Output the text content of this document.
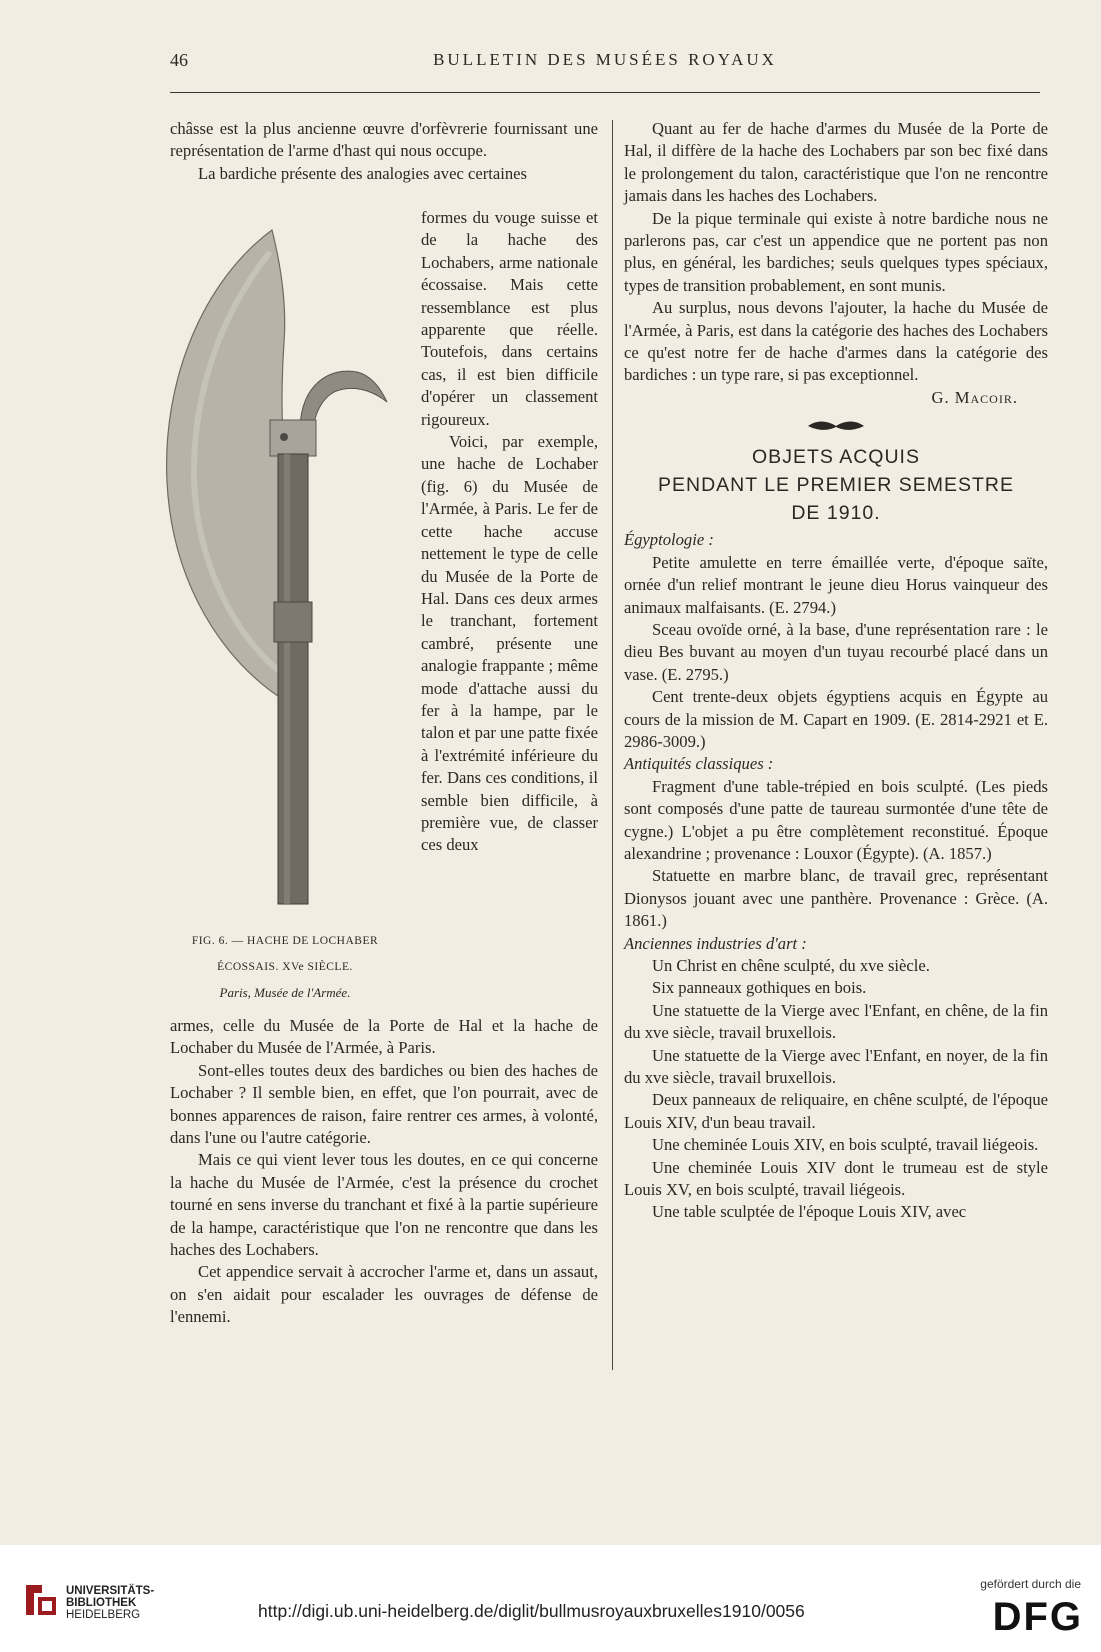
46	BULLETIN DES MUSÉES ROYAUX

châsse est la plus ancienne œuvre d'orfèvrerie fournissant une représentation de l'arme d'hast qui nous occupe.

La bardiche présente des analogies avec certaines

formes du vouge suisse et de la hache des Lochabers, arme nationale écossaise. Mais cette ressemblance est plus apparente que réelle. Toutefois, dans certains cas, il est bien difficile d'opérer un classement rigoureux.

Voici, par exemple, une hache de Lochaber (fig. 6) du Musée de l'Armée, à Paris. Le fer de cette hache accuse nettement le type de celle du Musée de la Porte de Hal. Dans ces deux armes le tranchant, fortement cambré, présente une analogie frappante ; même mode d'attache aussi du fer à la hampe, par le talon et par une patte fixée à l'extrémité inférieure du fer. Dans ces conditions, il semble bien difficile, à première vue, de classer ces deux

FIG. 6. — HACHE DE LOCHABER
ÉCOSSAIS. XVe SIÈCLE.
Paris, Musée de l'Armée.

armes, celle du Musée de la Porte de Hal et la hache de Lochaber du Musée de l'Armée, à Paris.

Sont-elles toutes deux des bardiches ou bien des haches de Lochaber ? Il semble bien, en effet, que l'on pourrait, avec de bonnes apparences de raison, faire rentrer ces armes, à volonté, dans l'une ou l'autre catégorie.

Mais ce qui vient lever tous les doutes, en ce qui concerne la hache du Musée de l'Armée, c'est la présence du crochet tourné en sens inverse du tranchant et fixé à la partie supérieure de la hampe, caractéristique que l'on ne rencontre que dans les haches des Lochabers.

Cet appendice servait à accrocher l'arme et, dans un assaut, on s'en aidait pour escalader les ouvrages de défense de l'ennemi.

Quant au fer de hache d'armes du Musée de la Porte de Hal, il diffère de la hache des Lochabers par son bec fixé dans le prolongement du talon, caractéristique que l'on ne rencontre jamais dans les haches des Lochabers.

De la pique terminale qui existe à notre bardiche nous ne parlerons pas, car c'est un appendice que ne portent pas non plus, en général, les bardiches; seuls quelques types spéciaux, types de transition probablement, en sont munis.

Au surplus, nous devons l'ajouter, la hache du Musée de l'Armée, à Paris, est dans la catégorie des haches des Lochabers ce qu'est notre fer de hache d'armes dans la catégorie des bardiches : un type rare, si pas exceptionnel.

G. Macoir.

OBJETS ACQUIS
PENDANT LE PREMIER SEMESTRE
DE 1910.

Égyptologie :

Petite amulette en terre émaillée verte, d'époque saïte, ornée d'un relief montrant le jeune dieu Horus vainqueur des animaux malfaisants. (E. 2794.)

Sceau ovoïde orné, à la base, d'une représentation rare : le dieu Bes buvant au moyen d'un tuyau recourbé placé dans un vase. (E. 2795.)

Cent trente-deux objets égyptiens acquis en Égypte au cours de la mission de M. Capart en 1909. (E. 2814-2921 et E. 2986-3009.)

Antiquités classiques :

Fragment d'une table-trépied en bois sculpté. (Les pieds sont composés d'une patte de taureau surmontée d'une tête de cygne.) L'objet a pu être complètement reconstitué. Époque alexandrine ; provenance : Louxor (Égypte). (A. 1857.)

Statuette en marbre blanc, de travail grec, représentant Dionysos jouant avec une panthère. Provenance : Grèce. (A. 1861.)

Anciennes industries d'art :

Un Christ en chêne sculpté, du xve siècle.

Six panneaux gothiques en bois.

Une statuette de la Vierge avec l'Enfant, en chêne, de la fin du xve siècle, travail bruxellois.

Une statuette de la Vierge avec l'Enfant, en noyer, de la fin du xve siècle, travail bruxellois.

Deux panneaux de reliquaire, en chêne sculpté, de l'époque Louis XIV, d'un beau travail.

Une cheminée Louis XIV, en bois sculpté, travail liégeois.

Une cheminée Louis XIV dont le trumeau est de style Louis XV, en bois sculpté, travail liégeois.

Une table sculptée de l'époque Louis XIV, avec

UNIVERSITÄTS-
BIBLIOTHEK
HEIDELBERG	http://digi.ub.uni-heidelberg.de/diglit/bullmusroyauxbruxelles1910/0056
gefördert durch die
DFG
